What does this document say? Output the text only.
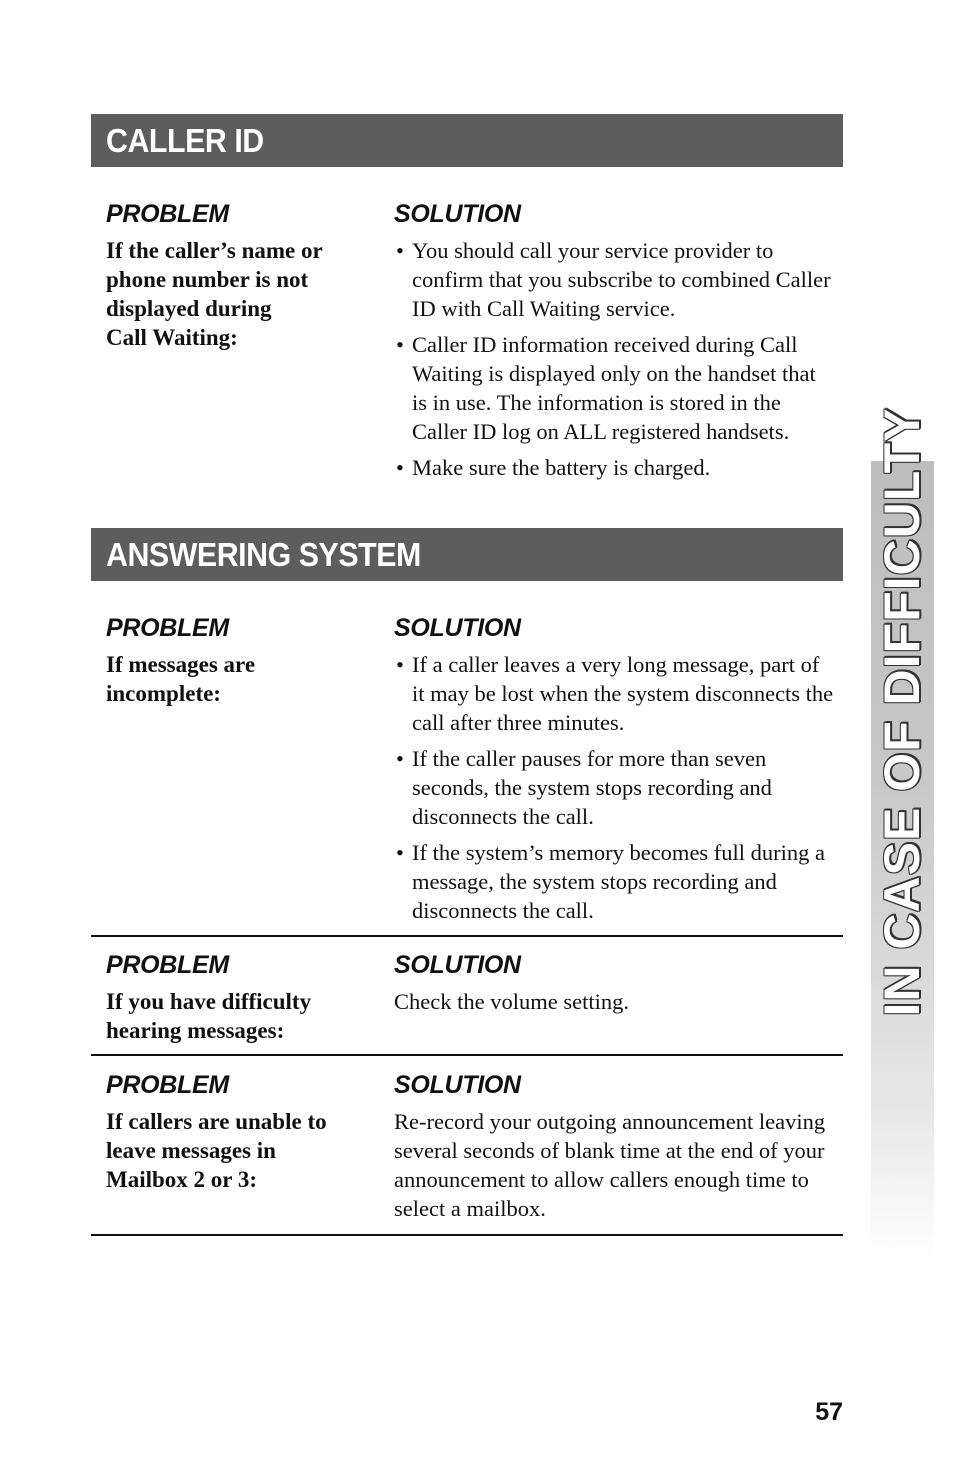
CALLER ID
PROBLEM

If the caller’s name or
phone number is not
displayed during
Call Waiting:

SOLUTION
• You should call your service provider to confirm that you subscribe to combined Caller ID with Call Waiting service.
• Caller ID information received during Call Waiting is displayed only on the handset that is in use. The information is stored in the Caller ID log on ALL registered handsets.
• Make sure the battery is charged.
ANSWERING SYSTEM
PROBLEM

If messages are
incomplete:

SOLUTION
• If a caller leaves a very long message, part of it may be lost when the system disconnects the call after three minutes.
• If the caller pauses for more than seven seconds, the system stops recording and disconnects the call.
• If the system’s memory becomes full during a message, the system stops recording and disconnects the call.
PROBLEM

If you have difficulty
hearing messages:

SOLUTION

Check the volume setting.

PROBLEM

If callers are unable to
leave messages in
Mailbox 2 or 3:

SOLUTION

Re-record your outgoing announcement leaving several seconds of blank time at the end of your announcement to allow callers enough time to select a mailbox.

IN CASE OF DIFFICULTY
57
